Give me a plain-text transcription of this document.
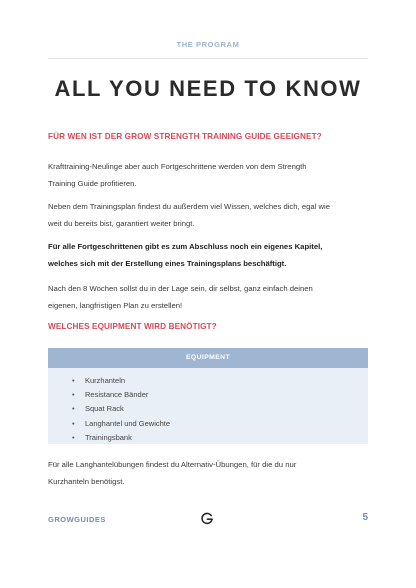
THE PROGRAM
ALL YOU NEED TO KNOW
FÜR WEN IST DER GROW STRENGTH TRAINING GUIDE GEEIGNET?
Krafttraining-Neulinge aber auch Fortgeschrittene werden von dem Strength
Training Guide profitieren.
Neben dem Trainingsplan findest du außerdem viel Wissen, welches dich, egal wie
weit du bereits bist, garantiert weiter bringt.
Für alle Fortgeschrittenen gibt es zum Abschluss noch ein eigenes Kapitel,
welches sich mit der Erstellung eines Trainingsplans beschäftigt.
Nach den 8 Wochen sollst du in der Lage sein, dir selbst, ganz einfach deinen
eigenen, langfristigen Plan zu erstellen!
WELCHES EQUIPMENT WIRD BENÖTIGT?
EQUIPMENT
• Kurzhanteln
• Resistance Bänder
• Squat Rack
• Langhantel und Gewichte
• Trainingsbank
Für alle Langhantelübungen findest du Alternativ-Übungen, für die du nur
Kurzhanteln benötigst.
GROWGUIDES	5
